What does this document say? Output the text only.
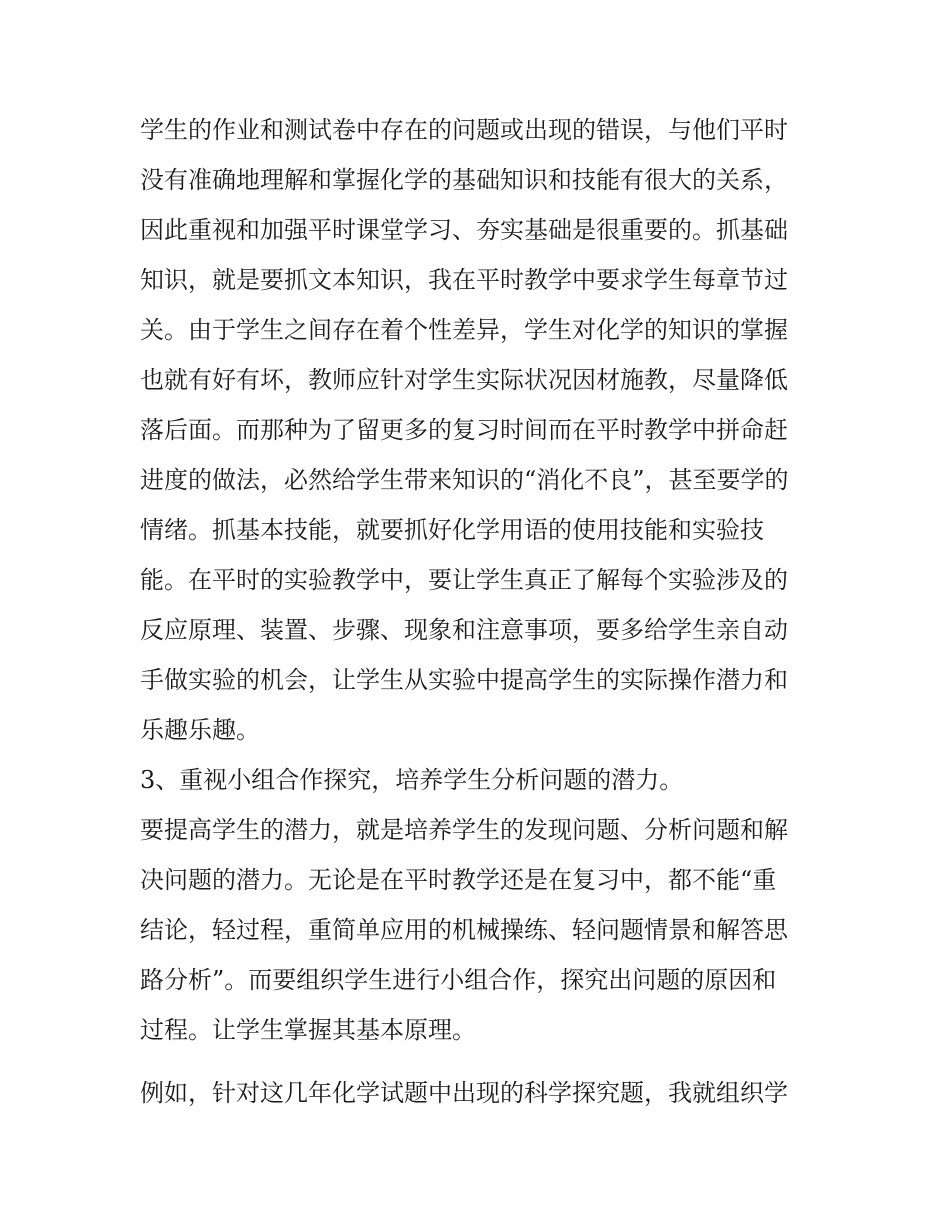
学生的作业和测试卷中存在的问题或出现的错误，与他们平时
没有准确地理解和掌握化学的基础知识和技能有很大的关系，
因此重视和加强平时课堂学习、夯实基础是很重要的。抓基础
知识，就是要抓文本知识，我在平时教学中要求学生每章节过
关。由于学生之间存在着个性差异，学生对化学的知识的掌握
也就有好有坏，教师应针对学生实际状况因材施教，尽量降低
落后面。而那种为了留更多的复习时间而在平时教学中拼命赶
进度的做法，必然给学生带来知识的“消化不良”，甚至要学的
情绪。抓基本技能，就要抓好化学用语的使用技能和实验技
能。在平时的实验教学中，要让学生真正了解每个实验涉及的
反应原理、装置、步骤、现象和注意事项，要多给学生亲自动
手做实验的机会，让学生从实验中提高学生的实际操作潜力和
乐趣乐趣。
3、重视小组合作探究，培养学生分析问题的潜力。
要提高学生的潜力，就是培养学生的发现问题、分析问题和解
决问题的潜力。无论是在平时教学还是在复习中，都不能“重
结论，轻过程，重简单应用的机械操练、轻问题情景和解答思
路分析”。而要组织学生进行小组合作，探究出问题的原因和
过程。让学生掌握其基本原理。
例如，针对这几年化学试题中出现的科学探究题，我就组织学
